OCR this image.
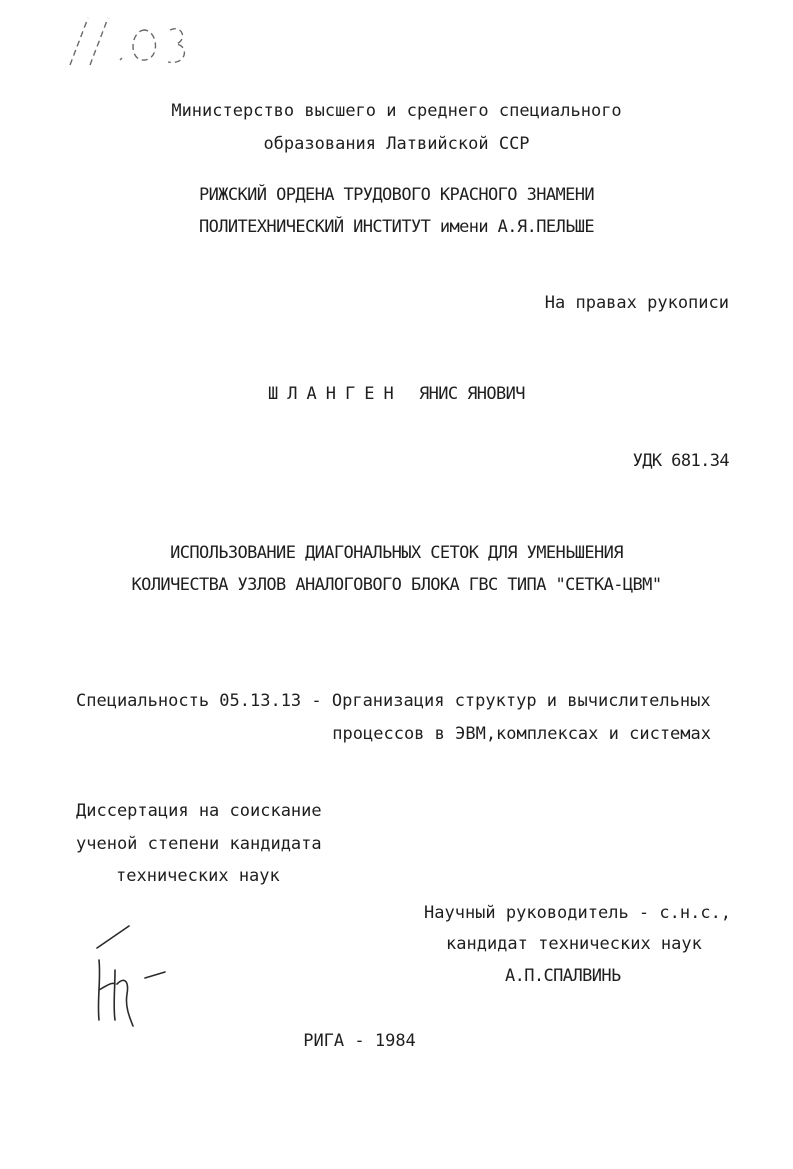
Министерство высшего и среднего специального
образования Латвийской ССР
РИЖСКИЙ ОРДЕНА ТРУДОВОГО КРАСНОГО ЗНАМЕНИ
ПОЛИТЕХНИЧЕСКИЙ ИНСТИТУТ имени А.Я.ПЕЛЬШЕ
На правах рукописи
ШЛАНГЕН ЯНИС ЯНОВИЧ
УДК 681.34
ИСПОЛЬЗОВАНИЕ ДИАГОНАЛЬНЫХ СЕТОК ДЛЯ УМЕНЬШЕНИЯ
КОЛИЧЕСТВА УЗЛОВ АНАЛОГОВОГО БЛОКА ГВС ТИПА "СЕТКА-ЦВМ"
Специальность 05.13.13 - Организация структур и вычислительных
процессов в ЭВМ,комплексах и системах
Диссертация на соискание
ученой степени кандидата
технических наук
Научный руководитель - с.н.с.,
кандидат технических наук
А.П.СПАЛВИНЬ
РИГА - 1984
